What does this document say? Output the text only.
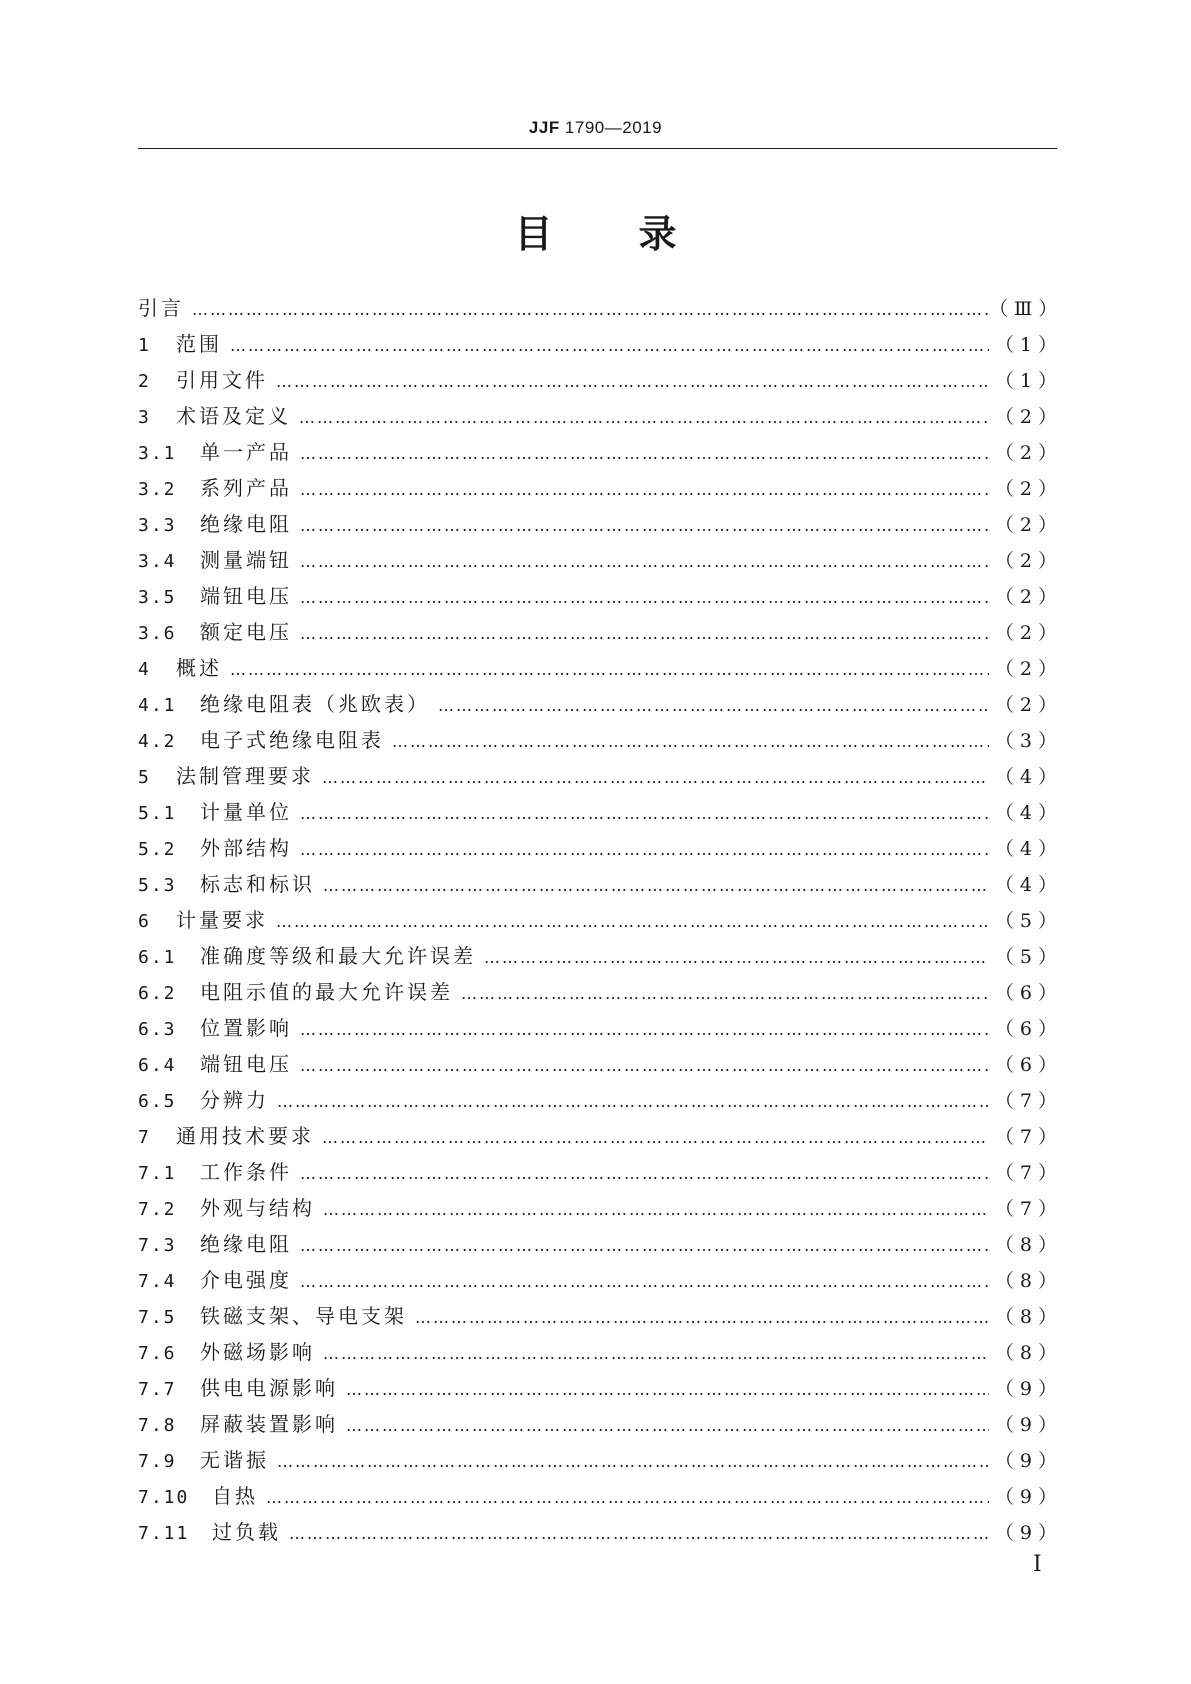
JJF 1790—2019
目 录
引言 …………………………………………………………………………………………………………………………………………………………………………………………………………………………………	（Ⅲ）
1	范围 …………………………………………………………………………………………………………………………………………………………………………………………………………………………………	（1）
2	引用文件 …………………………………………………………………………………………………………………………………………………………………………………………………………………………………	（1）
3	术语及定义 …………………………………………………………………………………………………………………………………………………………………………………………………………………………………	（2）
3.1	单一产品 …………………………………………………………………………………………………………………………………………………………………………………………………………………………………	（2）
3.2	系列产品 …………………………………………………………………………………………………………………………………………………………………………………………………………………………………	（2）
3.3	绝缘电阻 …………………………………………………………………………………………………………………………………………………………………………………………………………………………………	（2）
3.4	测量端钮 …………………………………………………………………………………………………………………………………………………………………………………………………………………………………	（2）
3.5	端钮电压 …………………………………………………………………………………………………………………………………………………………………………………………………………………………………	（2）
3.6	额定电压 …………………………………………………………………………………………………………………………………………………………………………………………………………………………………	（2）
4	概述 …………………………………………………………………………………………………………………………………………………………………………………………………………………………………	（2）
4.1	绝缘电阻表（兆欧表） …………………………………………………………………………………………………………………………………………………………………………………………………………………………………	（2）
4.2	电子式绝缘电阻表 …………………………………………………………………………………………………………………………………………………………………………………………………………………………………	（3）
5	法制管理要求 …………………………………………………………………………………………………………………………………………………………………………………………………………………………………	（4）
5.1	计量单位 …………………………………………………………………………………………………………………………………………………………………………………………………………………………………	（4）
5.2	外部结构 …………………………………………………………………………………………………………………………………………………………………………………………………………………………………	（4）
5.3	标志和标识 …………………………………………………………………………………………………………………………………………………………………………………………………………………………………	（4）
6	计量要求 …………………………………………………………………………………………………………………………………………………………………………………………………………………………………	（5）
6.1	准确度等级和最大允许误差 …………………………………………………………………………………………………………………………………………………………………………………………………………………………………	（5）
6.2	电阻示值的最大允许误差 …………………………………………………………………………………………………………………………………………………………………………………………………………………………………	（6）
6.3	位置影响 …………………………………………………………………………………………………………………………………………………………………………………………………………………………………	（6）
6.4	端钮电压 …………………………………………………………………………………………………………………………………………………………………………………………………………………………………	（6）
6.5	分辨力 …………………………………………………………………………………………………………………………………………………………………………………………………………………………………	（7）
7	通用技术要求 …………………………………………………………………………………………………………………………………………………………………………………………………………………………………	（7）
7.1	工作条件 …………………………………………………………………………………………………………………………………………………………………………………………………………………………………	（7）
7.2	外观与结构 …………………………………………………………………………………………………………………………………………………………………………………………………………………………………	（7）
7.3	绝缘电阻 …………………………………………………………………………………………………………………………………………………………………………………………………………………………………	（8）
7.4	介电强度 …………………………………………………………………………………………………………………………………………………………………………………………………………………………………	（8）
7.5	铁磁支架、导电支架 …………………………………………………………………………………………………………………………………………………………………………………………………………………………………	（8）
7.6	外磁场影响 …………………………………………………………………………………………………………………………………………………………………………………………………………………………………	（8）
7.7	供电电源影响 …………………………………………………………………………………………………………………………………………………………………………………………………………………………………	（9）
7.8	屏蔽装置影响 …………………………………………………………………………………………………………………………………………………………………………………………………………………………………	（9）
7.9	无谐振 …………………………………………………………………………………………………………………………………………………………………………………………………………………………………	（9）
7.10	自热 …………………………………………………………………………………………………………………………………………………………………………………………………………………………………	（9）
7.11	过负载 …………………………………………………………………………………………………………………………………………………………………………………………………………………………………	（9）
I
